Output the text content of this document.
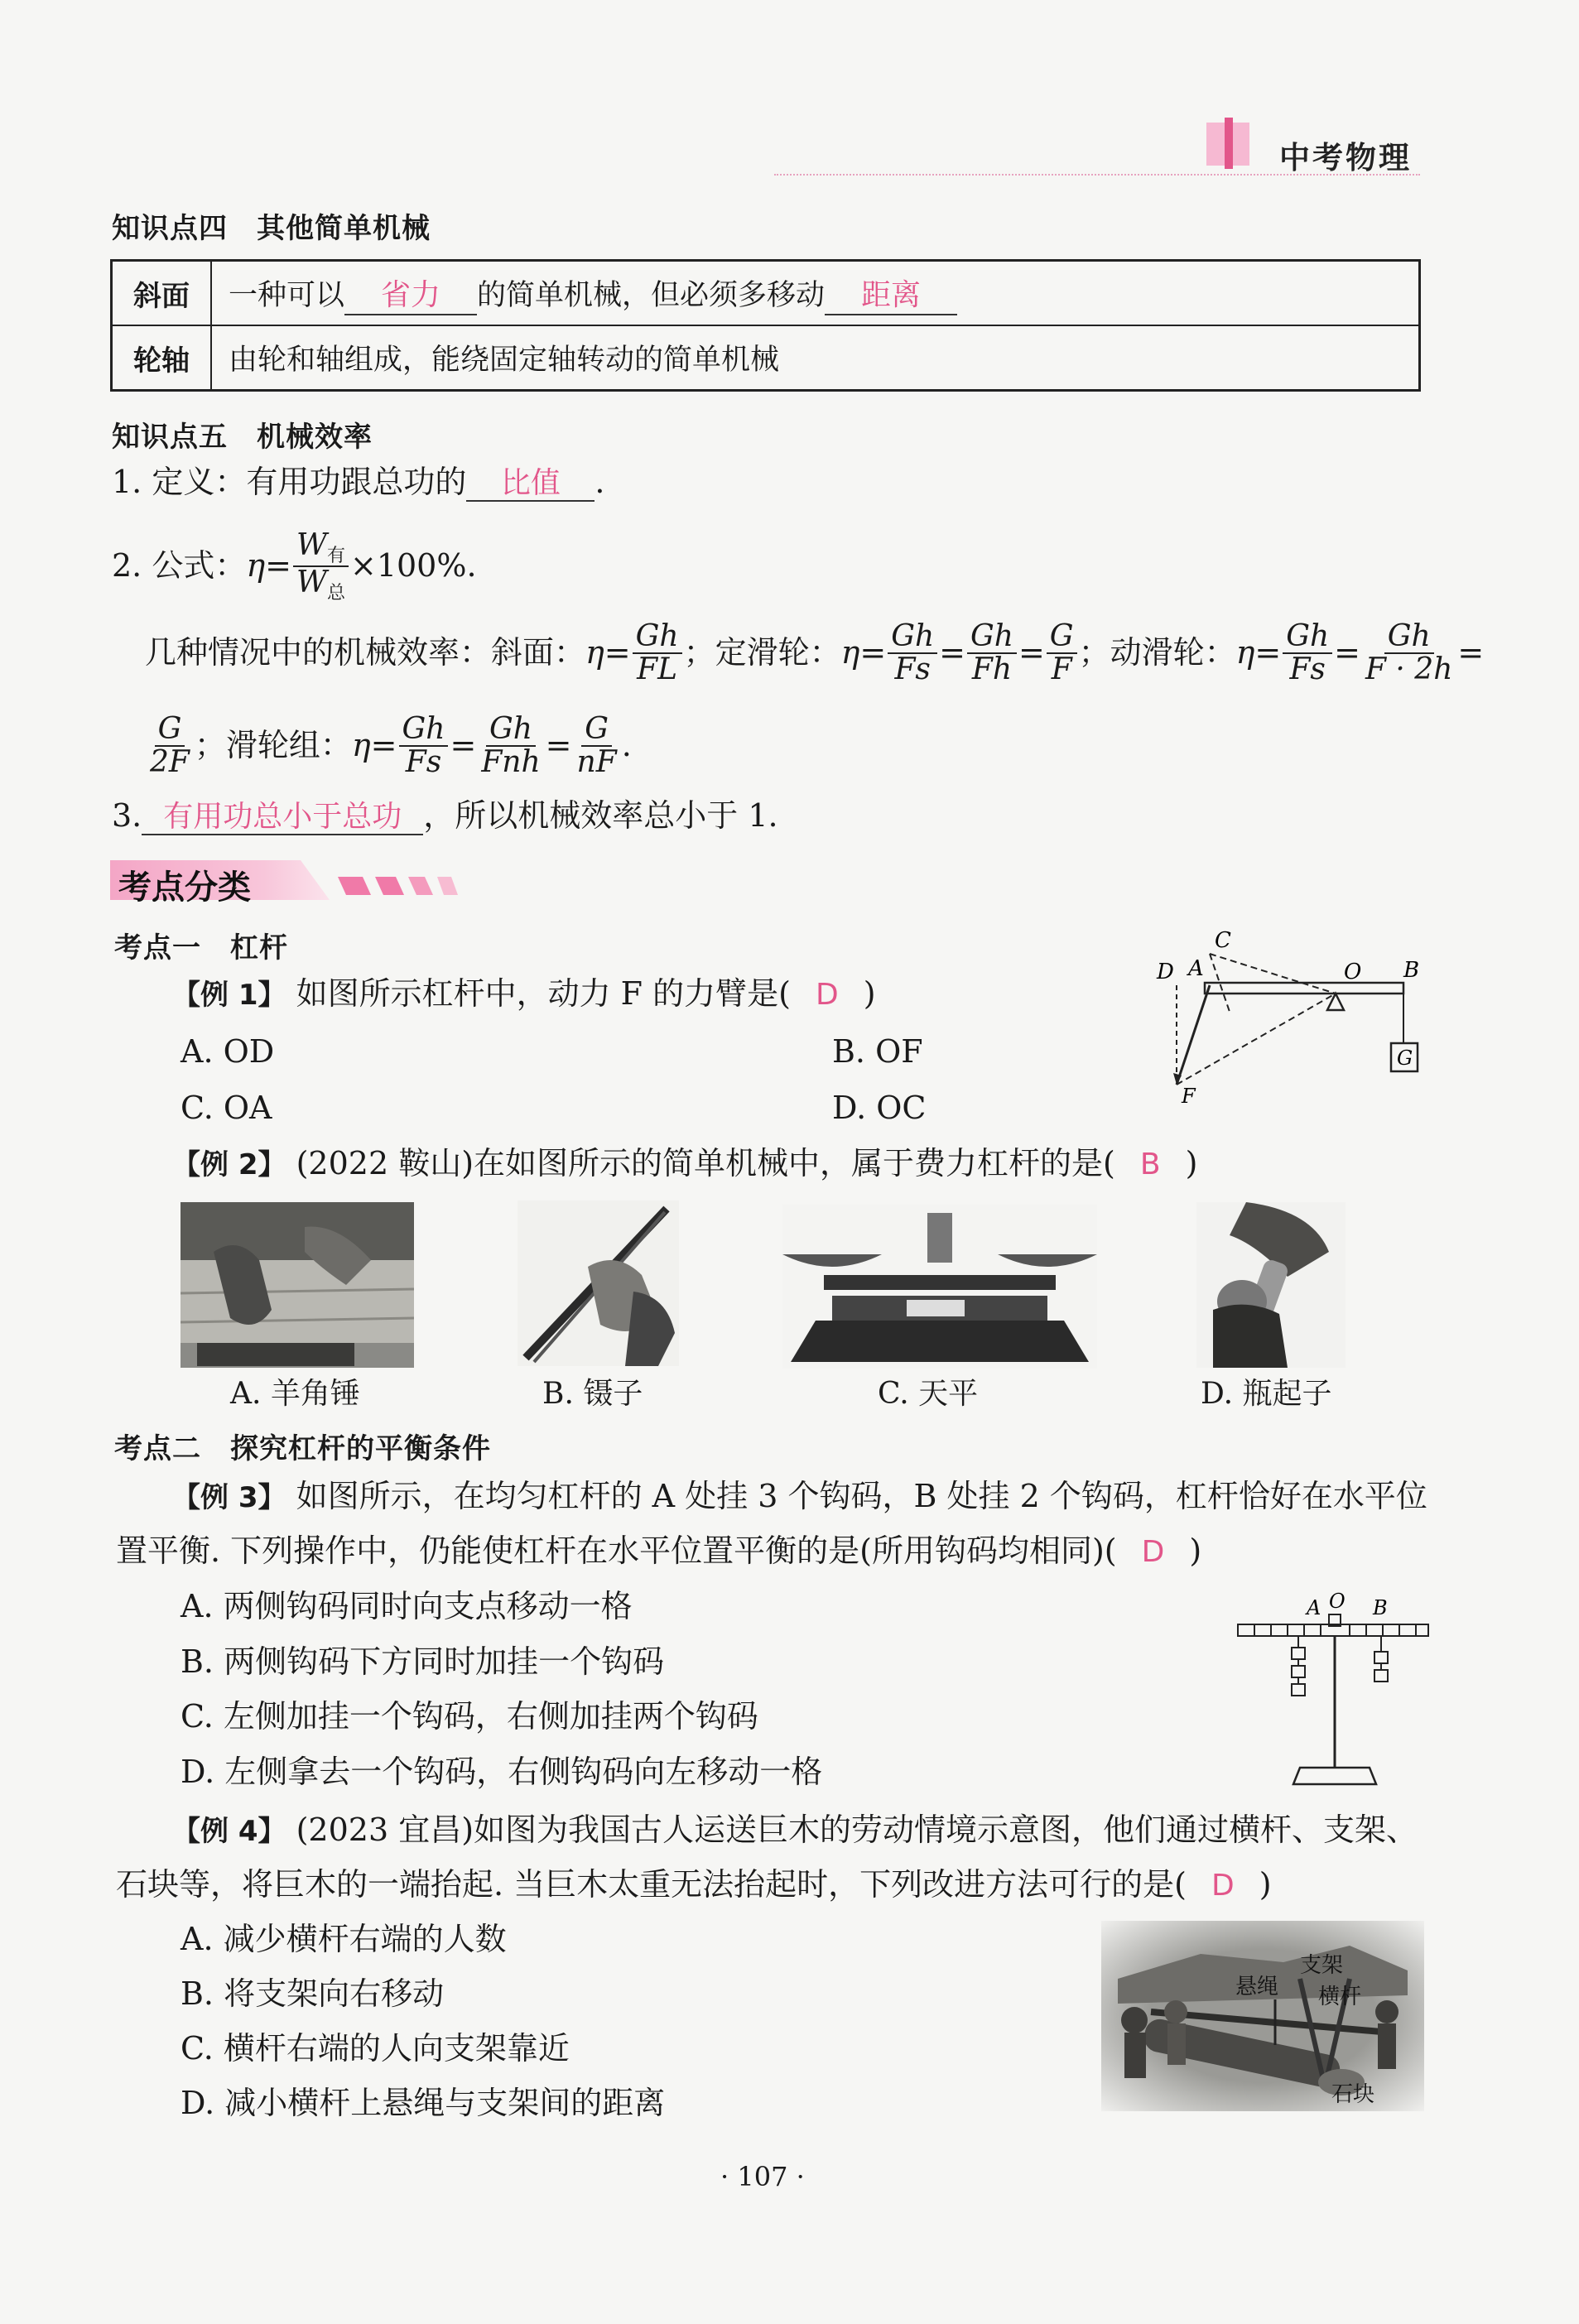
中考物理
知识点四　其他简单机械
斜面	一种可以 省力 的简单机械，但必须多移动 距离
轮轴	由轮和轴组成，能绕固定轴转动的简单机械
知识点五　机械效率
1. 定义：有用功跟总功的 比值 .
2. 公式： $\eta= \frac{W_有}{W_总} \times 100\%$.
几种情况中的机械效率：斜面： $\eta= \frac{Gh}{FL}$ ；定滑轮： $\eta= \frac{Gh}{Fs} = \frac{Gh}{Fh} = \frac{G}{F}$ ；动滑轮： $\eta= \frac{Gh}{Fs} = \frac{Gh}{F \cdot 2h}$ =
$\frac{G}{2F}$ ；滑轮组： $\eta= \frac{Gh}{Fs} = \frac{Gh}{\text{Fnh}} = \frac{G}{nF}$ .
3. 有用功总小于总功 ，所以机械效率总小于 1.
考点分类
考点一　杠杆
【例 1】 如图所示杠杆中，动力 F 的力臂是( D )
A. OD	B. OF
C. OA	D. OC
C
D A	O B
G
F
【例 2】 (2022 鞍山)在如图所示的简单机械中，属于费力杠杆的是( B )
A. 羊角锤	B. 镊子	C. 天平	D. 瓶起子
考点二　探究杠杆的平衡条件
【例 3】 如图所示，在均匀杠杆的 A 处挂 3 个钩码，B 处挂 2 个钩码，杠杆恰好在水平位
置平衡. 下列操作中，仍能使杠杆在水平位置平衡的是(所用钩码均相同)( D )
A. 两侧钩码同时向支点移动一格
B. 两侧钩码下方同时加挂一个钩码
C. 左侧加挂一个钩码，右侧加挂两个钩码
D. 左侧拿去一个钩码，右侧钩码向左移动一格
A O B
【例 4】 (2023 宜昌)如图为我国古人运送巨木的劳动情境示意图，他们通过横杆、支架、
石块等，将巨木的一端抬起. 当巨木太重无法抬起时，下列改进方法可行的是( D )
A. 减少横杆右端的人数
B. 将支架向右移动
C. 横杆右端的人向支架靠近
D. 减小横杆上悬绳与支架间的距离
支架
悬绳 横杆
石块
· 107 ·
